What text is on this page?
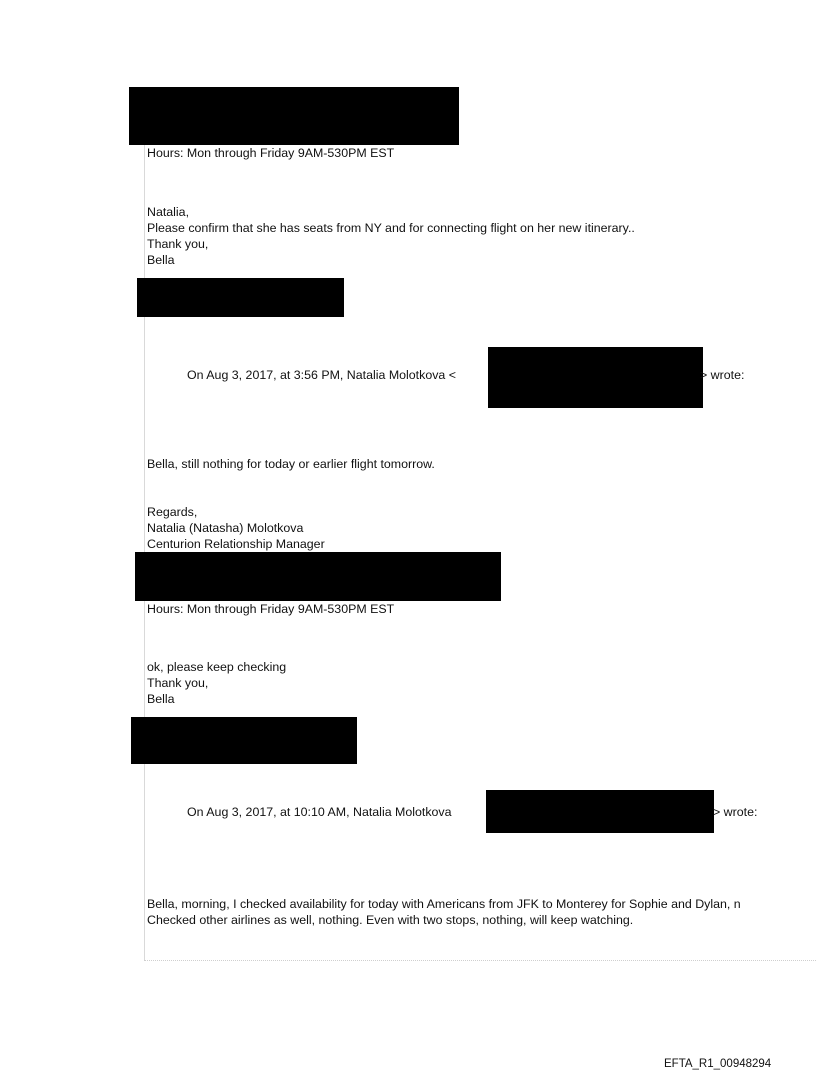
Hours: Mon through Friday 9AM-530PM EST

Natalia,

Please confirm that she has seats from NY and for connecting flight on her new itinerary..

Thank you,

Bella

On Aug 3, 2017, at 3:56 PM, Natalia Molotkova <	> wrote:

Bella, still nothing for today or earlier flight tomorrow.

Regards,

Natalia (Natasha) Molotkova

Centurion Relationship Manager

Hours: Mon through Friday 9AM-530PM EST

ok, please keep checking

Thank you,

Bella

On Aug 3, 2017, at 10:10 AM, Natalia Molotkova	> wrote:

Bella, morning, I checked availability for today with Americans from JFK to Monterey for Sophie and Dylan, n

Checked other airlines as well, nothing. Even with two stops, nothing, will keep watching.

EFTA_R1_00948294
